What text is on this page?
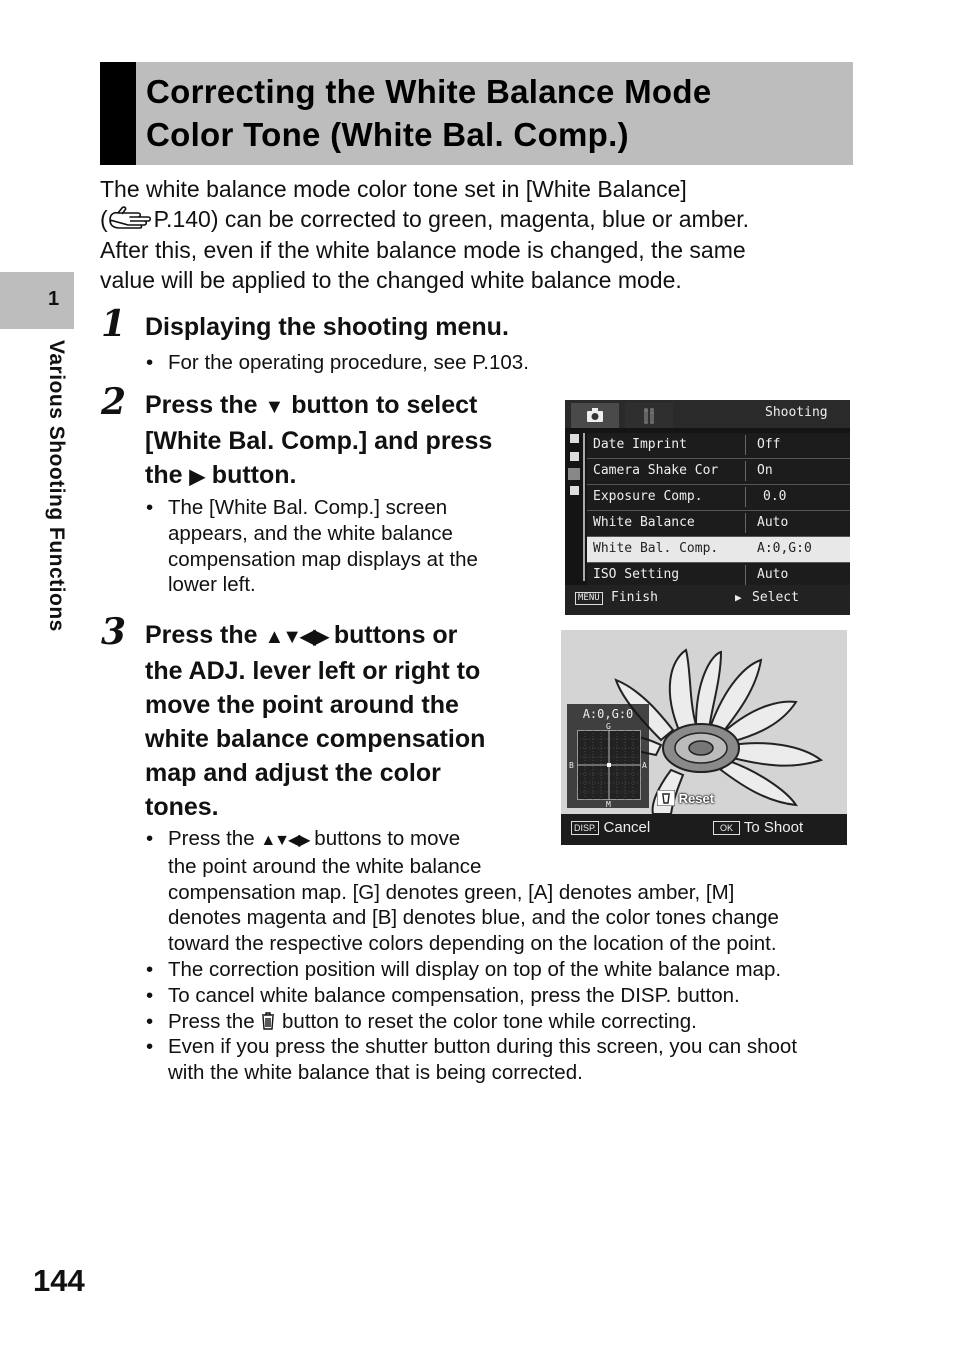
Correcting the White Balance Mode
Color Tone (White Bal. Comp.)
1
Various Shooting Functions
The white balance mode color tone set in [White Balance]
( P.140) can be corrected to green, magenta, blue or amber.
After this, even if the white balance mode is changed, the same
value will be applied to the changed white balance mode.
1 Displaying the shooting menu.
• For the operating procedure, see P.103.
2 Press the ▼ button to select
[White Bal. Comp.] and press
the ▶ button.
• The [White Bal. Comp.] screen
appears, and the white balance
compensation map displays at the
lower left.
Shooting
Date Imprint	Off
Camera Shake Cor	On
Exposure Comp.	0.0
White Balance	Auto
White Bal. Comp.	A:0,G:0
ISO Setting	Auto
MENU Finish	▶ Select
3 Press the ▲▼◀▶ buttons or
the ADJ. lever left or right to
move the point around the
white balance compensation
map and adjust the color
tones.
A:0,G:0
G
M
B	A
Reset
DISP. Cancel	OK To Shoot
• Press the ▲▼◀▶ buttons to move
the point around the white balance
compensation map. [G] denotes green, [A] denotes amber, [M]
denotes magenta and [B] denotes blue, and the color tones change
toward the respective colors depending on the location of the point.
• The correction position will display on top of the white balance map.
• To cancel white balance compensation, press the DISP. button.
• Press the button to reset the color tone while correcting.
• Even if you press the shutter button during this screen, you can shoot
with the white balance that is being corrected.
144
